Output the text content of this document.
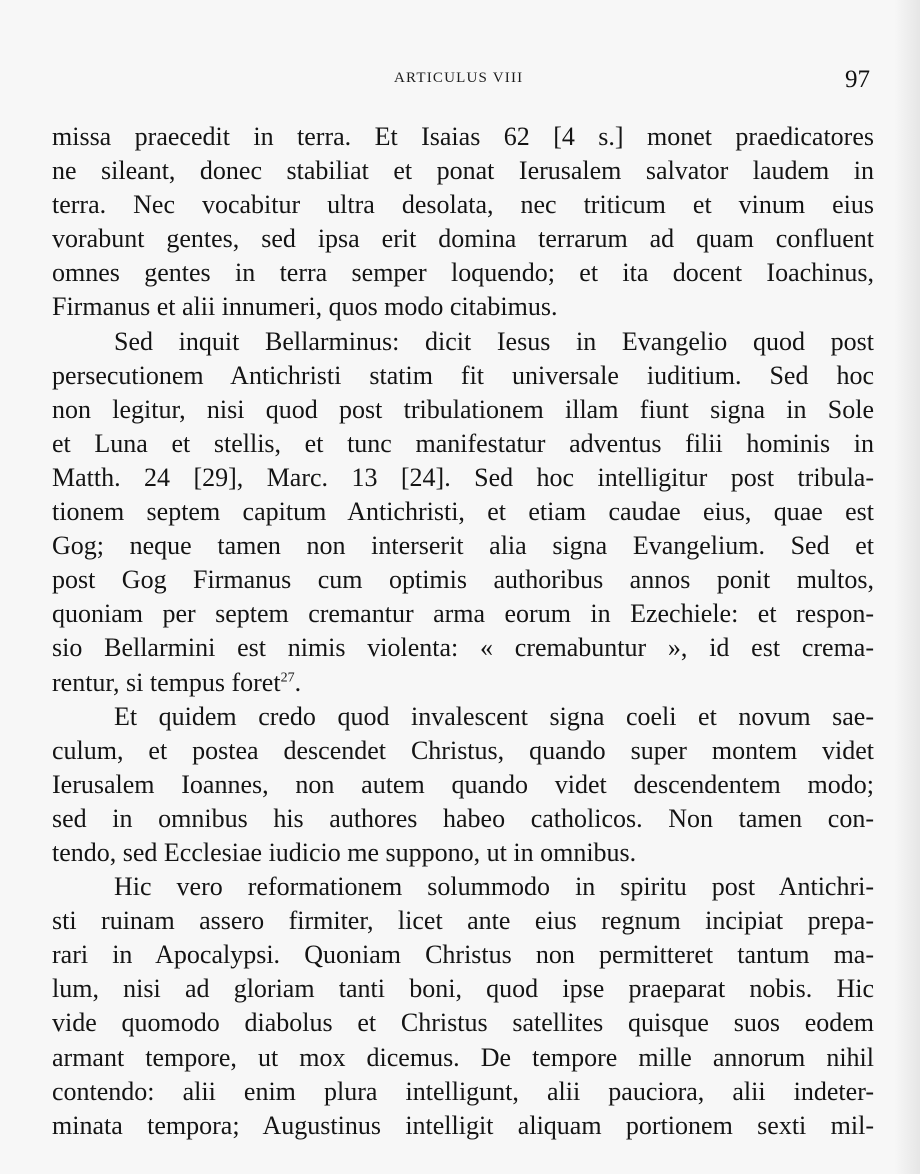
ARTICULUS VIII	97
missa praecedit in terra. Et Isaias 62 [4 s.] monet praedicatores
ne sileant, donec stabiliat et ponat Ierusalem salvator laudem in
terra. Nec vocabitur ultra desolata, nec triticum et vinum eius
vorabunt gentes, sed ipsa erit domina terrarum ad quam confluent
omnes gentes in terra semper loquendo; et ita docent Ioachinus,
Firmanus et alii innumeri, quos modo citabimus.
Sed inquit Bellarminus: dicit Iesus in Evangelio quod post
persecutionem Antichristi statim fit universale iuditium. Sed hoc
non legitur, nisi quod post tribulationem illam fiunt signa in Sole
et Luna et stellis, et tunc manifestatur adventus filii hominis in
Matth. 24 [29], Marc. 13 [24]. Sed hoc intelligitur post tribula-
tionem septem capitum Antichristi, et etiam caudae eius, quae est
Gog; neque tamen non interserit alia signa Evangelium. Sed et
post Gog Firmanus cum optimis authoribus annos ponit multos,
quoniam per septem cremantur arma eorum in Ezechiele: et respon-
sio Bellarmini est nimis violenta: « cremabuntur », id est crema-
rentur, si tempus foret$^{27}$.
Et quidem credo quod invalescent signa coeli et novum sae-
culum, et postea descendet Christus, quando super montem videt
Ierusalem Ioannes, non autem quando videt descendentem modo;
sed in omnibus his authores habeo catholicos. Non tamen con-
tendo, sed Ecclesiae iudicio me suppono, ut in omnibus.
Hic vero reformationem solummodo in spiritu post Antichri-
sti ruinam assero firmiter, licet ante eius regnum incipiat prepa-
rari in Apocalypsi. Quoniam Christus non permitteret tantum ma-
lum, nisi ad gloriam tanti boni, quod ipse praeparat nobis. Hic
vide quomodo diabolus et Christus satellites quisque suos eodem
armant tempore, ut mox dicemus. De tempore mille annorum nihil
contendo: alii enim plura intelligunt, alii pauciora, alii indeter-
minata tempora; Augustinus intelligit aliquam portionem sexti mil-
